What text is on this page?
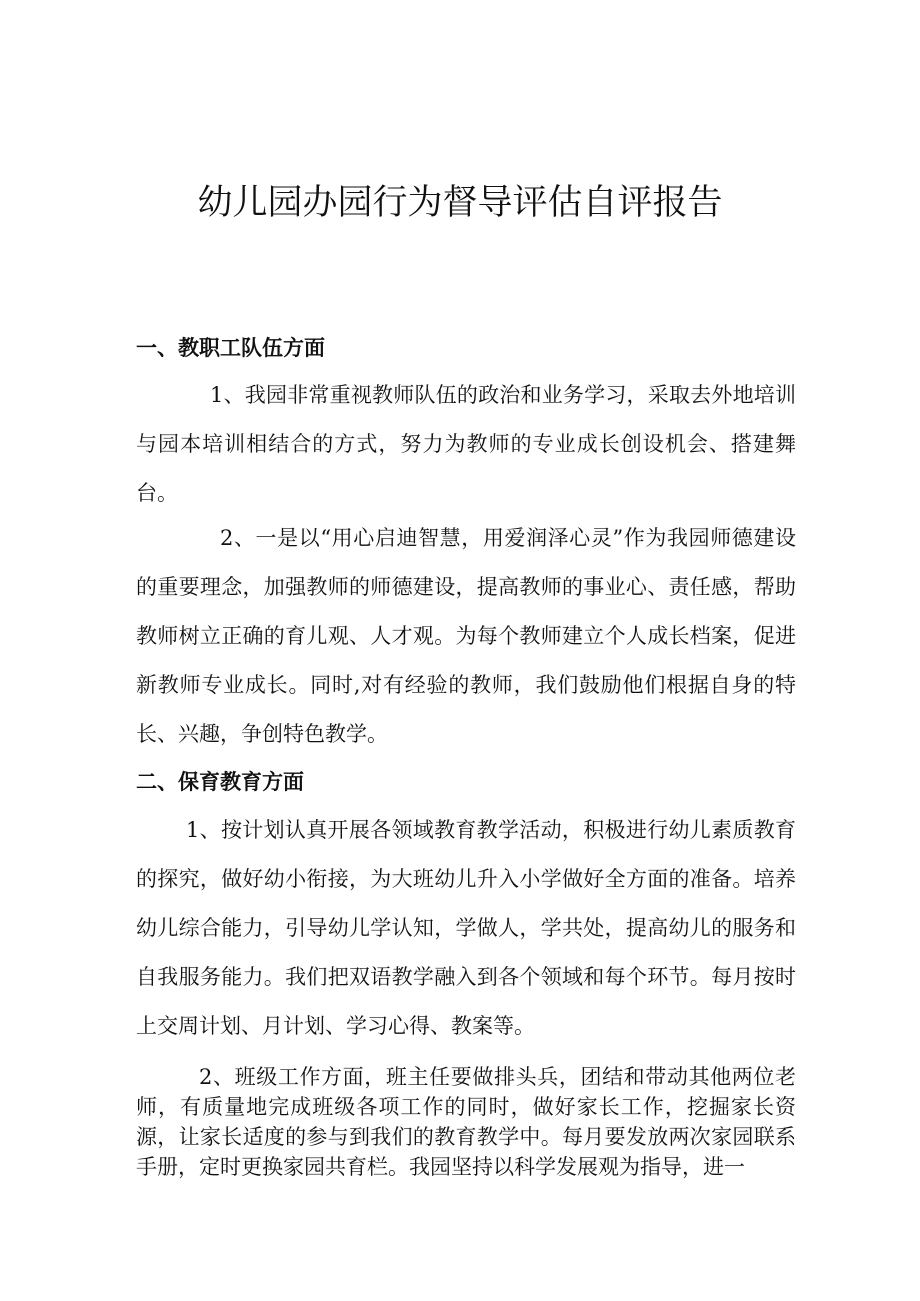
幼儿园办园行为督导评估自评报告
一、教职工队伍方面

1、我园非常重视教师队伍的政治和业务学习，采取去外地培训与园本培训相结合的方式，努力为教师的专业成长创设机会、搭建舞台。

2、一是以“用心启迪智慧，用爱润泽心灵”作为我园师德建设的重要理念，加强教师的师德建设，提高教师的事业心、责任感，帮助教师树立正确的育儿观、人才观。为每个教师建立个人成长档案，促进新教师专业成长。同时,对有经验的教师，我们鼓励他们根据自身的特长、兴趣，争创特色教学。

二、保育教育方面

1、按计划认真开展各领域教育教学活动，积极进行幼儿素质教育的探究，做好幼小衔接，为大班幼儿升入小学做好全方面的准备。培养幼儿综合能力，引导幼儿学认知，学做人，学共处，提高幼儿的服务和自我服务能力。我们把双语教学融入到各个领域和每个环节。每月按时上交周计划、月计划、学习心得、教案等。

2、班级工作方面，班主任要做排头兵，团结和带动其他两位老师，有质量地完成班级各项工作的同时，做好家长工作，挖掘家长资源，让家长适度的参与到我们的教育教学中。每月要发放两次家园联系手册，定时更换家园共育栏。我园坚持以科学发展观为指导，进一
